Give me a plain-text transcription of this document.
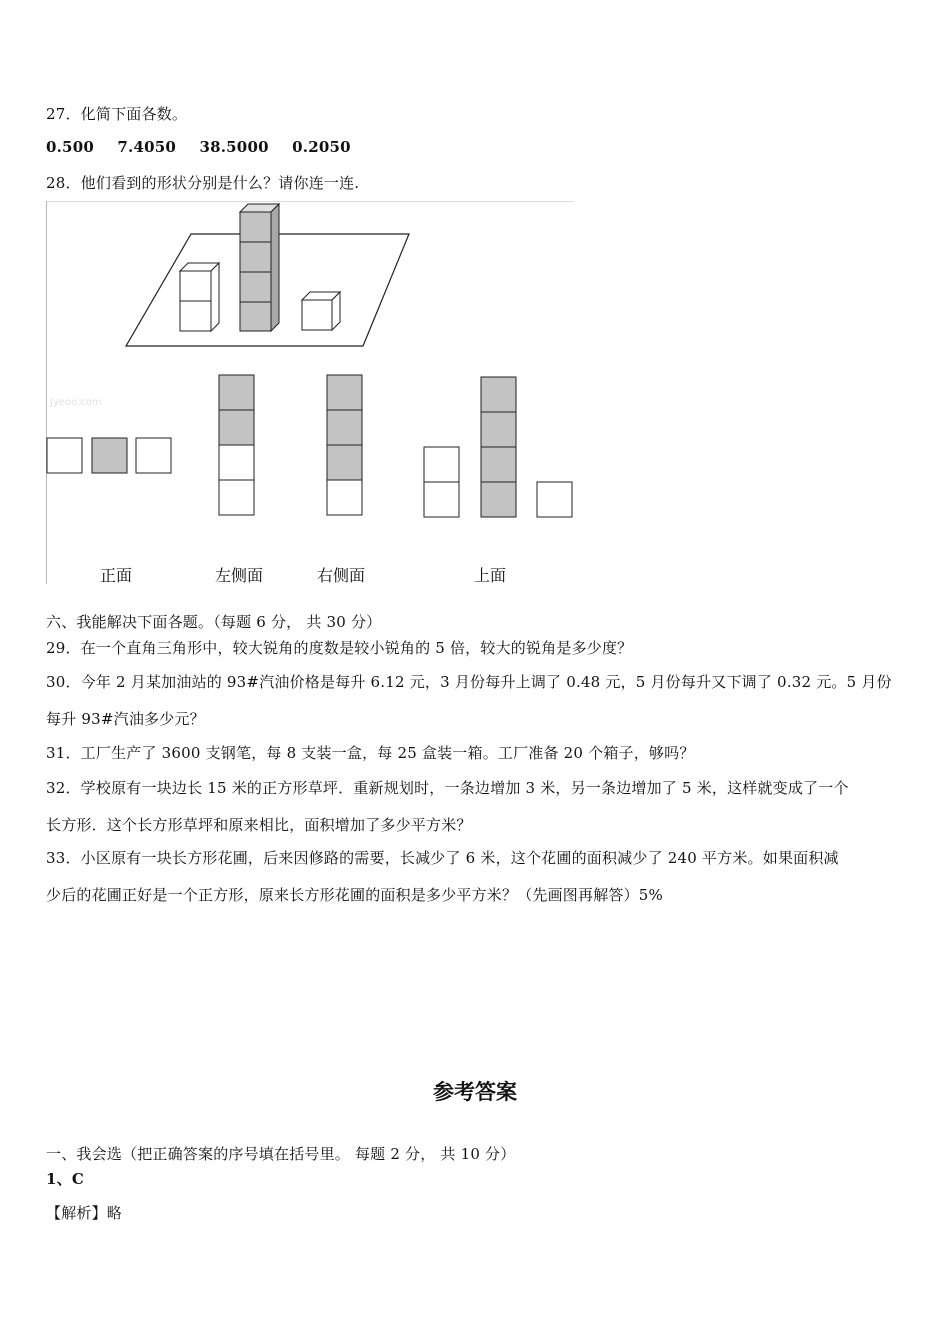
27．化简下面各数。
0.500 7.4050 38.5000 0.2050
28．他们看到的形状分别是什么？请你连一连.
Jyeoo.com
正面	左侧面	右侧面	上面
六、我能解决下面各题。（每题 6 分， 共 30 分）
29．在一个直角三角形中，较大锐角的度数是较小锐角的 5 倍，较大的锐角是多少度？
30．今年 2 月某加油站的 93#汽油价格是每升 6.12 元，3 月份每升上调了 0.48 元，5 月份每升又下调了 0.32 元。5 月份
每升 93#汽油多少元？
31．工厂生产了 3600 支钢笔，每 8 支装一盒，每 25 盒装一箱。工厂准备 20 个箱子，够吗？
32．学校原有一块边长 15 米的正方形草坪．重新规划时，一条边增加 3 米，另一条边增加了 5 米，这样就变成了一个
长方形．这个长方形草坪和原来相比，面积增加了多少平方米？
33．小区原有一块长方形花圃，后来因修路的需要，长减少了 6 米，这个花圃的面积减少了 240 平方米。如果面积减
少后的花圃正好是一个正方形，原来长方形花圃的面积是多少平方米？（先画图再解答）5%
参考答案
一、我会选（把正确答案的序号填在括号里。 每题 2 分， 共 10 分）
1、C
【解析】略
